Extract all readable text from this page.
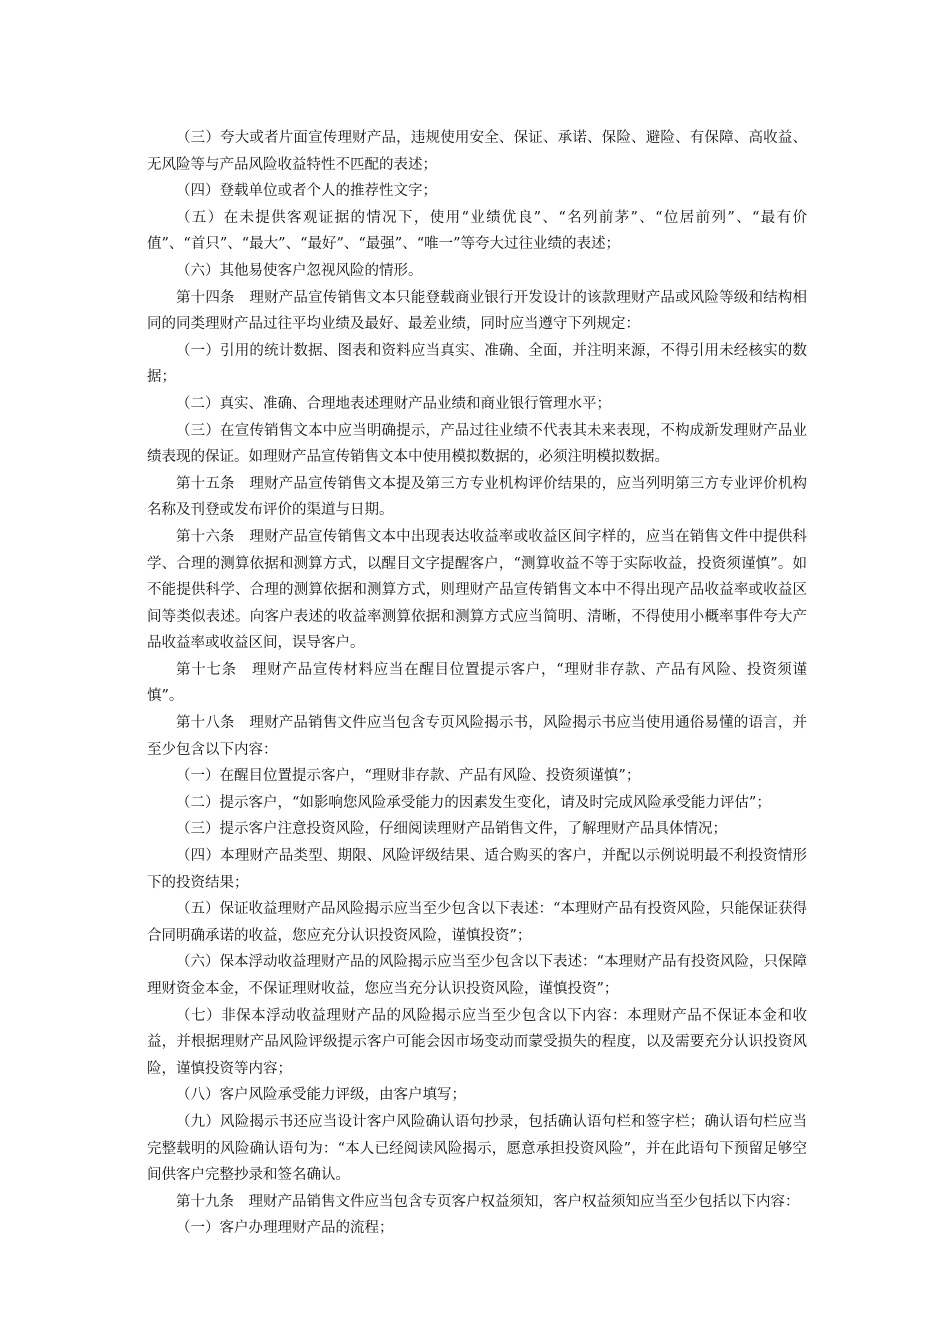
（三）夸大或者片面宣传理财产品，违规使用安全、保证、承诺、保险、避险、有保障、高收益、无风险等与产品风险收益特性不匹配的表述；

（四）登载单位或者个人的推荐性文字；

（五）在未提供客观证据的情况下，使用“业绩优良”、“名列前茅”、“位居前列”、“最有价值”、“首只”、“最大”、“最好”、“最强”、“唯一”等夸大过往业绩的表述；

（六）其他易使客户忽视风险的情形。

第十四条　理财产品宣传销售文本只能登载商业银行开发设计的该款理财产品或风险等级和结构相同的同类理财产品过往平均业绩及最好、最差业绩，同时应当遵守下列规定：

（一）引用的统计数据、图表和资料应当真实、准确、全面，并注明来源，不得引用未经核实的数据；

（二）真实、准确、合理地表述理财产品业绩和商业银行管理水平；

（三）在宣传销售文本中应当明确提示，产品过往业绩不代表其未来表现，不构成新发理财产品业绩表现的保证。如理财产品宣传销售文本中使用模拟数据的，必须注明模拟数据。

第十五条　理财产品宣传销售文本提及第三方专业机构评价结果的，应当列明第三方专业评价机构名称及刊登或发布评价的渠道与日期。

第十六条　理财产品宣传销售文本中出现表达收益率或收益区间字样的，应当在销售文件中提供科学、合理的测算依据和测算方式，以醒目文字提醒客户，“测算收益不等于实际收益，投资须谨慎”。如不能提供科学、合理的测算依据和测算方式，则理财产品宣传销售文本中不得出现产品收益率或收益区间等类似表述。向客户表述的收益率测算依据和测算方式应当简明、清晰，不得使用小概率事件夸大产品收益率或收益区间，误导客户。

第十七条　理财产品宣传材料应当在醒目位置提示客户，“理财非存款、产品有风险、投资须谨慎”。

第十八条　理财产品销售文件应当包含专页风险揭示书，风险揭示书应当使用通俗易懂的语言，并至少包含以下内容：

（一）在醒目位置提示客户，“理财非存款、产品有风险、投资须谨慎”；

（二）提示客户，“如影响您风险承受能力的因素发生变化，请及时完成风险承受能力评估”；

（三）提示客户注意投资风险，仔细阅读理财产品销售文件，了解理财产品具体情况；

（四）本理财产品类型、期限、风险评级结果、适合购买的客户，并配以示例说明最不利投资情形下的投资结果；

（五）保证收益理财产品风险揭示应当至少包含以下表述：“本理财产品有投资风险，只能保证获得合同明确承诺的收益，您应充分认识投资风险，谨慎投资”；

（六）保本浮动收益理财产品的风险揭示应当至少包含以下表述：“本理财产品有投资风险，只保障理财资金本金，不保证理财收益，您应当充分认识投资风险，谨慎投资”；

（七）非保本浮动收益理财产品的风险揭示应当至少包含以下内容：本理财产品不保证本金和收益，并根据理财产品风险评级提示客户可能会因市场变动而蒙受损失的程度，以及需要充分认识投资风险，谨慎投资等内容；

（八）客户风险承受能力评级，由客户填写；

（九）风险揭示书还应当设计客户风险确认语句抄录，包括确认语句栏和签字栏；确认语句栏应当完整载明的风险确认语句为：“本人已经阅读风险揭示，愿意承担投资风险”，并在此语句下预留足够空间供客户完整抄录和签名确认。

第十九条　理财产品销售文件应当包含专页客户权益须知，客户权益须知应当至少包括以下内容：

（一）客户办理理财产品的流程；
